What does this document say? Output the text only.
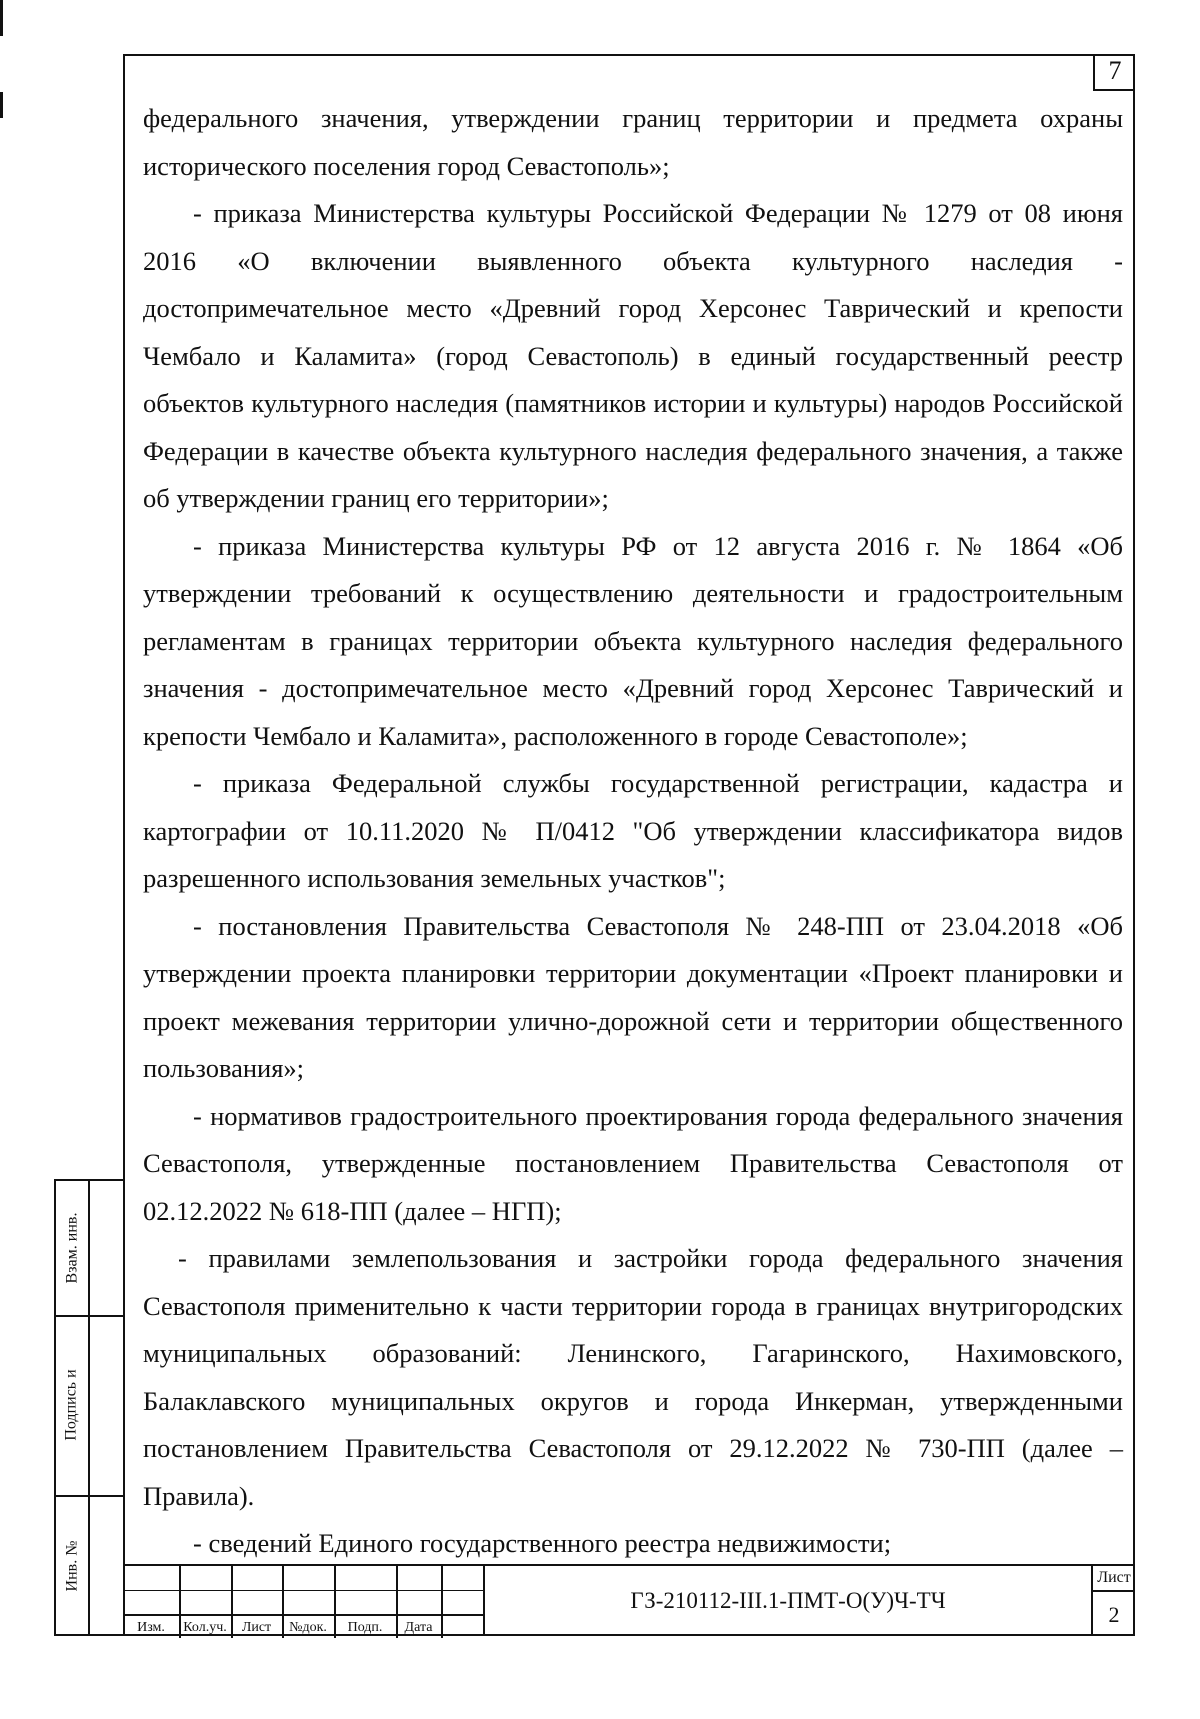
7

федерального значения, утверждении границ территории и предмета охраны исторического поселения город Севастополь»;

- приказа Министерства культуры Российской Федерации № 1279 от 08 июня 2016 «О включении выявленного объекта культурного наследия - достопримечательное место «Древний город Херсонес Таврический и крепости Чембало и Каламита» (город Севастополь) в единый государственный реестр объектов культурного наследия (памятников истории и культуры) народов Российской Федерации в качестве объекта культурного наследия федерального значения, а также об утверждении границ его территории»;

- приказа Министерства культуры РФ от 12 августа 2016 г. № 1864 «Об утверждении требований к осуществлению деятельности и градостроительным регламентам в границах территории объекта культурного наследия федерального значения - достопримечательное место «Древний город Херсонес Таврический и крепости Чембало и Каламита», расположенного в городе Севастополе»;

- приказа Федеральной службы государственной регистрации, кадастра и картографии от 10.11.2020 № П/0412 "Об утверждении классификатора видов разрешенного использования земельных участков";

- постановления Правительства Севастополя № 248-ПП от 23.04.2018 «Об утверждении проекта планировки территории документации «Проект планировки и проект межевания территории улично-дорожной сети и территории общественного пользования»;

- нормативов градостроительного проектирования города федерального значения Севастополя, утвержденные постановлением Правительства Севастополя от 02.12.2022 № 618-ПП (далее – НГП);

- правилами землепользования и застройки города федерального значения Севастополя применительно к части территории города в границах внутригородских муниципальных образований: Ленинского, Гагаринского, Нахимовского, Балаклавского муниципальных округов и города Инкерман, утвержденными постановлением Правительства Севастополя от 29.12.2022 № 730-ПП (далее – Правила).

- сведений Единого государственного реестра недвижимости;

Взам. инв.
Подпись и
Инв. №
Изм.	Кол.уч.	Лист	№док.	Подп.	Дата
ГЗ-210112-III.1-ПМТ-О(У)Ч-ТЧ
Лист
2
